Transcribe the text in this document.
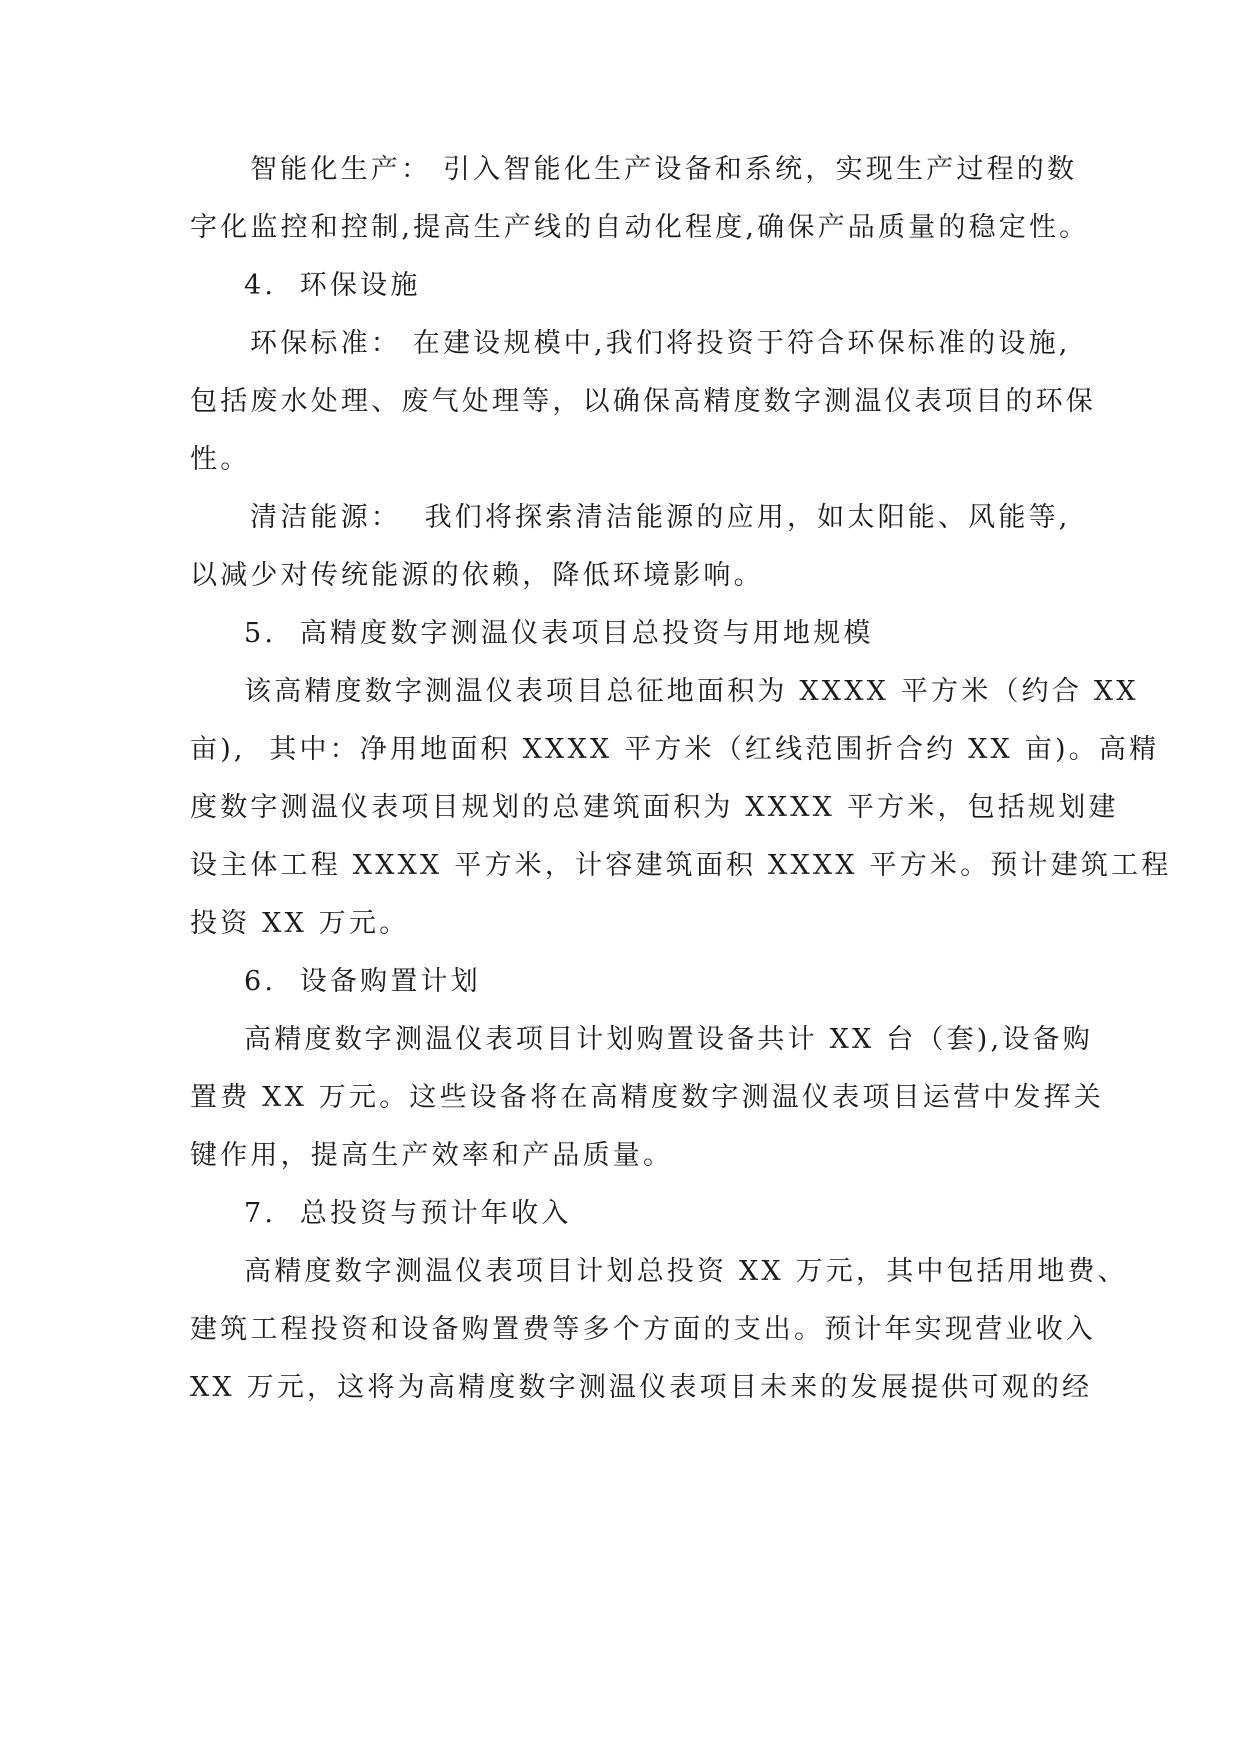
智能化生产： 引入智能化生产设备和系统，实现生产过程的数
字化监控和控制,提高生产线的自动化程度,确保产品质量的稳定性。
4.  环保设施
环保标准： 在建设规模中,我们将投资于符合环保标准的设施,
包括废水处理、废气处理等，以确保高精度数字测温仪表项目的环保
性。
清洁能源：  我们将探索清洁能源的应用，如太阳能、风能等,
以减少对传统能源的依赖，降低环境影响。
5.  高精度数字测温仪表项目总投资与用地规模
该高精度数字测温仪表项目总征地面积为 XXXX 平方米（约合 XX
亩),  其中：净用地面积 XXXX 平方米（红线范围折合约 XX 亩)。高精
度数字测温仪表项目规划的总建筑面积为 XXXX 平方米，包括规划建
设主体工程 XXXX 平方米，计容建筑面积 XXXX 平方米。预计建筑工程
投资 XX 万元。
6.  设备购置计划
高精度数字测温仪表项目计划购置设备共计 XX 台（套),设备购
置费 XX 万元。这些设备将在高精度数字测温仪表项目运营中发挥关
键作用，提高生产效率和产品质量。
7.  总投资与预计年收入
高精度数字测温仪表项目计划总投资 XX 万元，其中包括用地费、
建筑工程投资和设备购置费等多个方面的支出。预计年实现营业收入
XX 万元，这将为高精度数字测温仪表项目未来的发展提供可观的经
